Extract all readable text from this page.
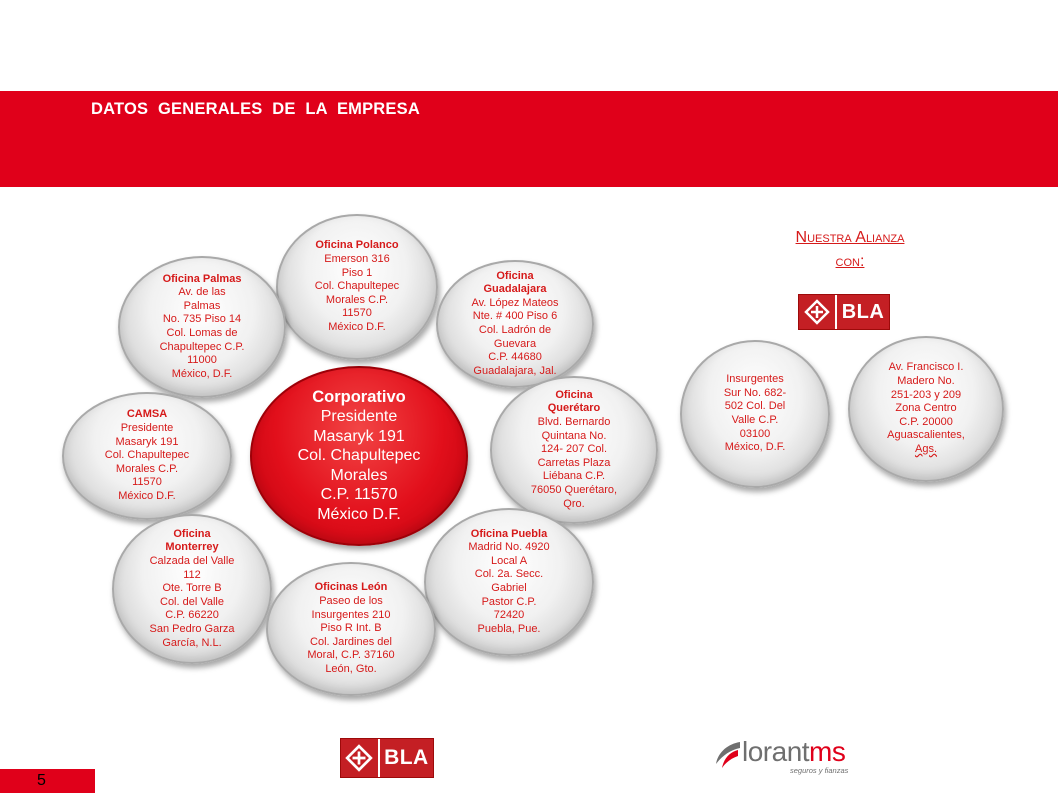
DATOS GENERALES DE LA EMPRESA
Corporativo
Presidente
Masaryk 191
Col. Chapultepec
Morales
C.P. 11570
México D.F.
Oficina Polanco
Emerson 316
Piso 1
Col. Chapultepec
Morales C.P.
11570
México D.F.
Oficina Palmas
Av. de las
Palmas
No. 735 Piso 14
Col. Lomas de
Chapultepec C.P.
11000
México, D.F.
Oficina
Guadalajara
Av. López Mateos
Nte. # 400 Piso 6
Col. Ladrón de
Guevara
C.P. 44680
Guadalajara, Jal.
CAMSA
Presidente
Masaryk 191
Col. Chapultepec
Morales C.P.
11570
México D.F.
Oficina
Querétaro
Blvd. Bernardo
Quintana No.
124- 207 Col.
Carretas Plaza
Liébana C.P.
76050 Querétaro,
Qro.
Oficina
Monterrey
Calzada del Valle
112
Ote. Torre B
Col. del Valle
C.P. 66220
San Pedro Garza
García, N.L.
Oficina Puebla
Madrid No. 4920
Local A
Col. 2a. Secc.
Gabriel
Pastor C.P.
72420
Puebla, Pue.
Oficinas León
Paseo de los
Insurgentes 210
Piso R Int. B
Col. Jardines del
Moral, C.P. 37160
León, Gto.
Nuestra Alianza
con:
BLA
Insurgentes
Sur No. 682-
502 Col. Del
Valle C.P.
03100
México, D.F.
Av. Francisco I.
Madero No.
251-203 y 209
Zona Centro
C.P. 20000
Aguascalientes,
Ags.
BLA	lorantms
seguros y fianzas
5
